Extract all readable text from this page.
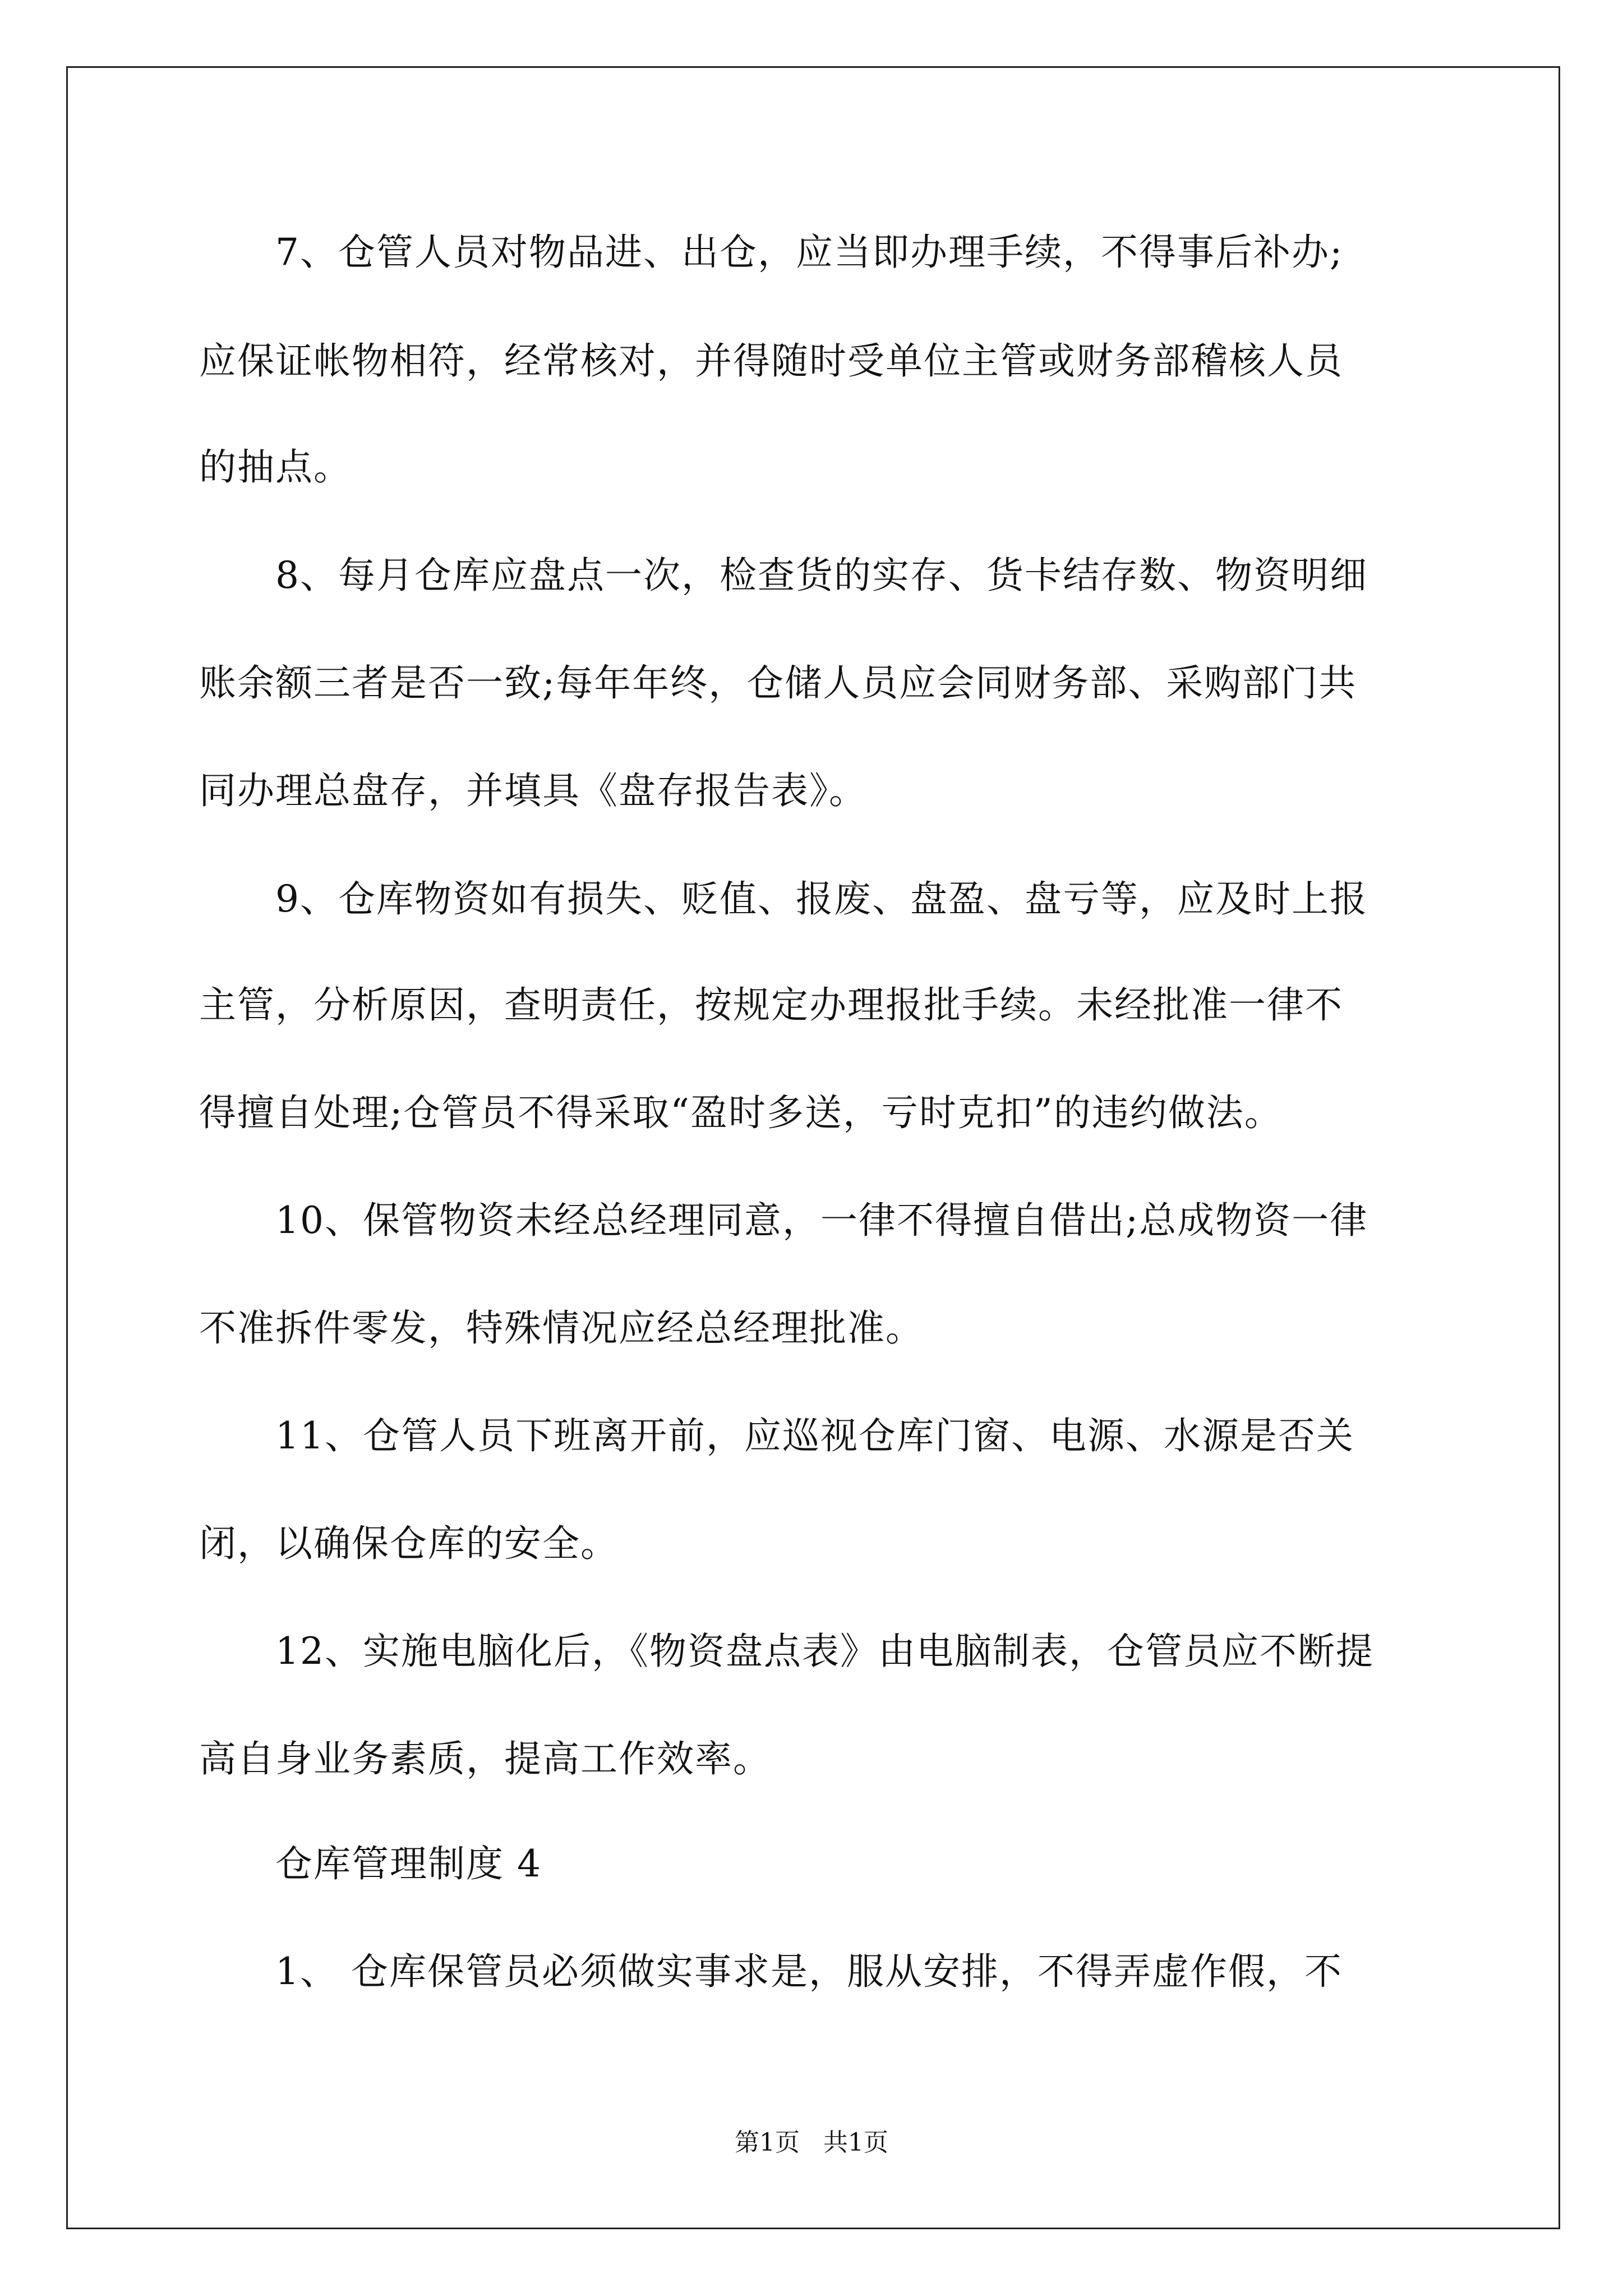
　　7、仓管人员对物品进、出仓，应当即办理手续，不得事后补办;
应保证帐物相符，经常核对，并得随时受单位主管或财务部稽核人员
的抽点。
　　8、每月仓库应盘点一次，检查货的实存、货卡结存数、物资明细
账余额三者是否一致;每年年终，仓储人员应会同财务部、采购部门共
同办理总盘存，并填具《盘存报告表》。
　　9、仓库物资如有损失、贬值、报废、盘盈、盘亏等，应及时上报
主管，分析原因，查明责任，按规定办理报批手续。未经批准一律不
得擅自处理;仓管员不得采取“盈时多送，亏时克扣”的违约做法。
　　10、保管物资未经总经理同意，一律不得擅自借出;总成物资一律
不准拆件零发，特殊情况应经总经理批准。
　　11、仓管人员下班离开前，应巡视仓库门窗、电源、水源是否关
闭，以确保仓库的安全。
　　12、实施电脑化后，《物资盘点表》由电脑制表，仓管员应不断提
高自身业务素质，提高工作效率。
　　仓库管理制度 4
　　1、 仓库保管员必须做实事求是，服从安排，不得弄虚作假，不
第1页   共1页
